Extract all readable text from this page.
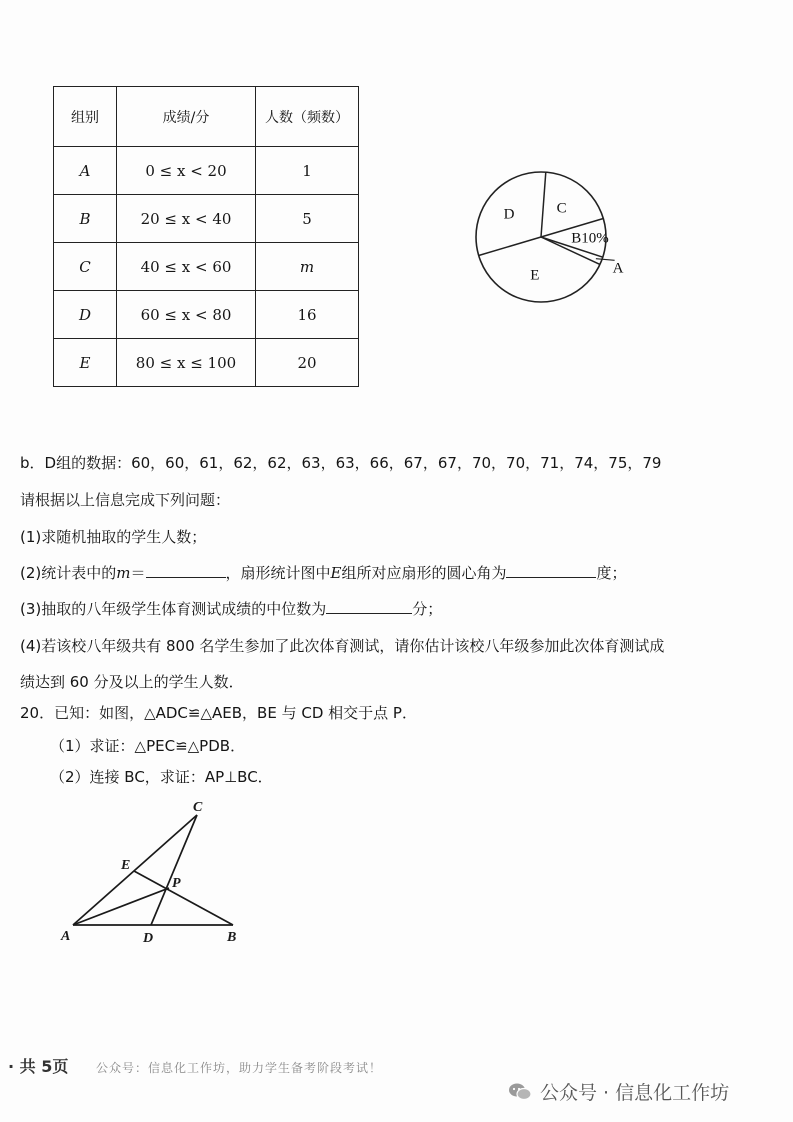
组别	成绩/分	人数（频数）
A	0 ≤ x < 20	1
B	20 ≤ x < 40	5
C	40 ≤ x < 60	m
D	60 ≤ x < 80	16
E	80 ≤ x ≤ 100	20
A
B10%
C
D
E
b．D组的数据：60，60，61，62，62，63，63，66，67，67，70，70，71，74，75，79
请根据以上信息完成下列问题：
(1)求随机抽取的学生人数；
(2)统计表中的m＝	，扇形统计图中E组所对应扇形的圆心角为	度；
(3)抽取的八年级学生体育测试成绩的中位数为	分；
(4)若该校八年级共有 800 名学生参加了此次体育测试，请你估计该校八年级参加此次体育测试成
绩达到 60 分及以上的学生人数．
20．已知：如图，△ADC≌△AEB，BE 与 CD 相交于点 P．
（1）求证：△PEC≌△PDB．
（2）连接 BC，求证：AP⊥BC．
A	B
C
D
E
P
· 共 5页 公众号：信息化工作坊，助力学生备考阶段考试！
公众号 · 信息化工作坊
